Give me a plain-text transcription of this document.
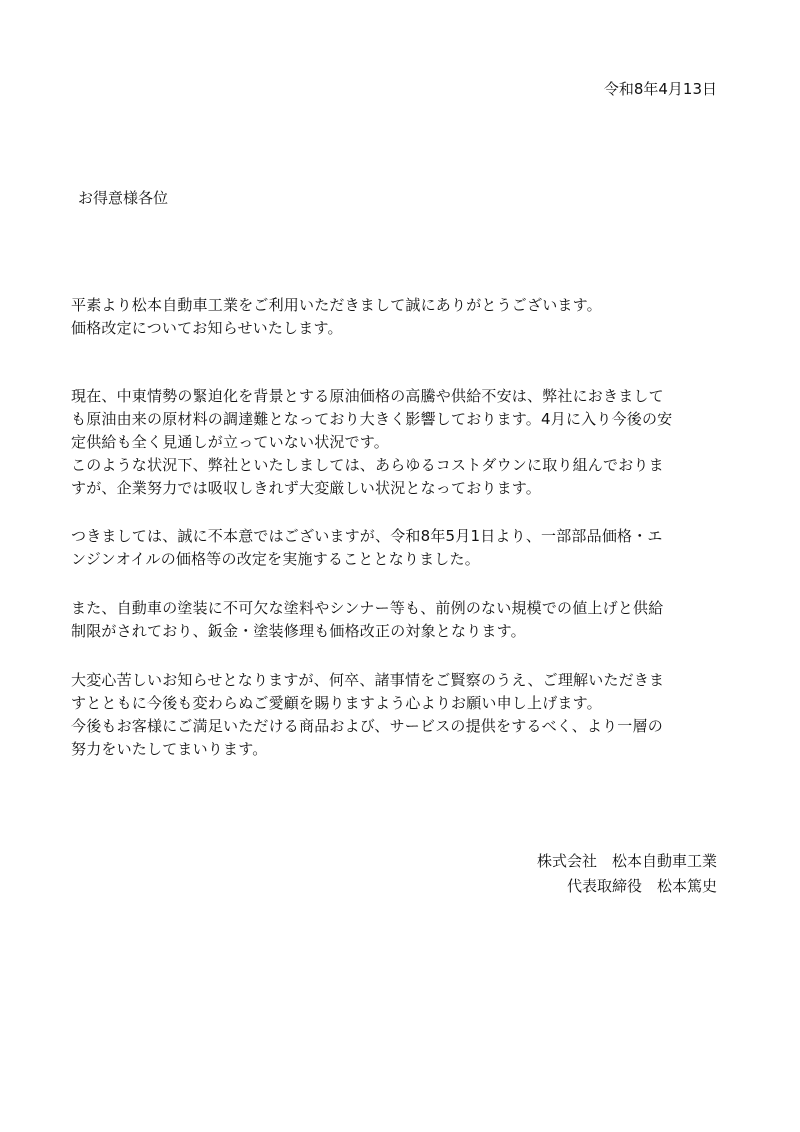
令和8年4月13日
お得意様各位
平素より松本自動車工業をご利用いただきまして誠にありがとうございます。
価格改定についてお知らせいたします。
現在、中東情勢の緊迫化を背景とする原油価格の高騰や供給不安は、弊社におきまして
も原油由来の原材料の調達難となっており大きく影響しております。4月に入り今後の安
定供給も全く見通しが立っていない状況です。
このような状況下、弊社といたしましては、あらゆるコストダウンに取り組んでおりま
すが、企業努力では吸収しきれず大変厳しい状況となっております。
つきましては、誠に不本意ではございますが、令和8年5月1日より、一部部品価格・エ
ンジンオイルの価格等の改定を実施することとなりました。
また、自動車の塗装に不可欠な塗料やシンナー等も、前例のない規模での値上げと供給
制限がされており、鈑金・塗装修理も価格改正の対象となります。
大変心苦しいお知らせとなりますが、何卒、諸事情をご賢察のうえ、ご理解いただきま
すとともに今後も変わらぬご愛顧を賜りますよう心よりお願い申し上げます。
今後もお客様にご満足いただける商品および、サービスの提供をするべく、より一層の
努力をいたしてまいります。
株式会社　松本自動車工業
代表取締役　松本篤史
